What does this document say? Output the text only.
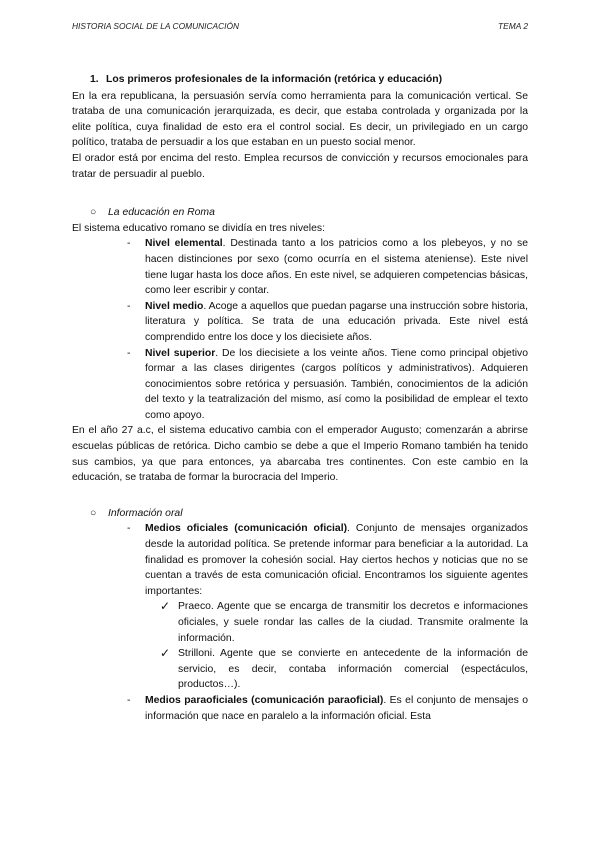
HISTORIA SOCIAL DE LA COMUNICACIÓN	TEMA 2

1. Los primeros profesionales de la información (retórica y educación)

En la era republicana, la persuasión servía como herramienta para la comunicación vertical. Se trataba de una comunicación jerarquizada, es decir, que estaba controlada y organizada por la elite política, cuya finalidad de esto era el control social. Es decir, un privilegiado en un cargo político, trataba de persuadir a los que estaban en un puesto social menor.

El orador está por encima del resto. Emplea recursos de convicción y recursos emocionales para tratar de persuadir al pueblo.

○ La educación en Roma

El sistema educativo romano se dividía en tres niveles:

-	Nivel elemental. Destinada tanto a los patricios como a los plebeyos, y no se hacen distinciones por sexo (como ocurría en el sistema ateniense). Este nivel tiene lugar hasta los doce años. En este nivel, se adquieren competencias básicas, como leer escribir y contar.
-	Nivel medio. Acoge a aquellos que puedan pagarse una instrucción sobre historia, literatura y política. Se trata de una educación privada. Este nivel está comprendido entre los doce y los diecisiete años.
-	Nivel superior. De los diecisiete a los veinte años. Tiene como principal objetivo formar a las clases dirigentes (cargos políticos y administrativos). Adquieren conocimientos sobre retórica y persuasión. También, conocimientos de la adición del texto y la teatralización del mismo, así como la posibilidad de emplear el texto como apoyo.

En el año 27 a.c, el sistema educativo cambia con el emperador Augusto; comenzarán a abrirse escuelas públicas de retórica. Dicho cambio se debe a que el Imperio Romano también ha tenido sus cambios, ya que para entonces, ya abarcaba tres continentes. Con este cambio en la educación, se trataba de formar la burocracia del Imperio.

○ Información oral

-	Medios oficiales (comunicación oficial). Conjunto de mensajes organizados desde la autoridad política. Se pretende informar para beneficiar a la autoridad. La finalidad es promover la cohesión social. Hay ciertos hechos y noticias que no se cuentan a través de esta comunicación oficial. Encontramos los siguiente agentes importantes:
✓ Praeco. Agente que se encarga de transmitir los decretos e informaciones oficiales, y suele rondar las calles de la ciudad. Transmite oralmente la información.
✓ Strilloni. Agente que se convierte en antecedente de la información de servicio, es decir, contaba información comercial (espectáculos, productos…).
-	Medios paraoficiales (comunicación paraoficial). Es el conjunto de mensajes o información que nace en paralelo a la información oficial. Esta
